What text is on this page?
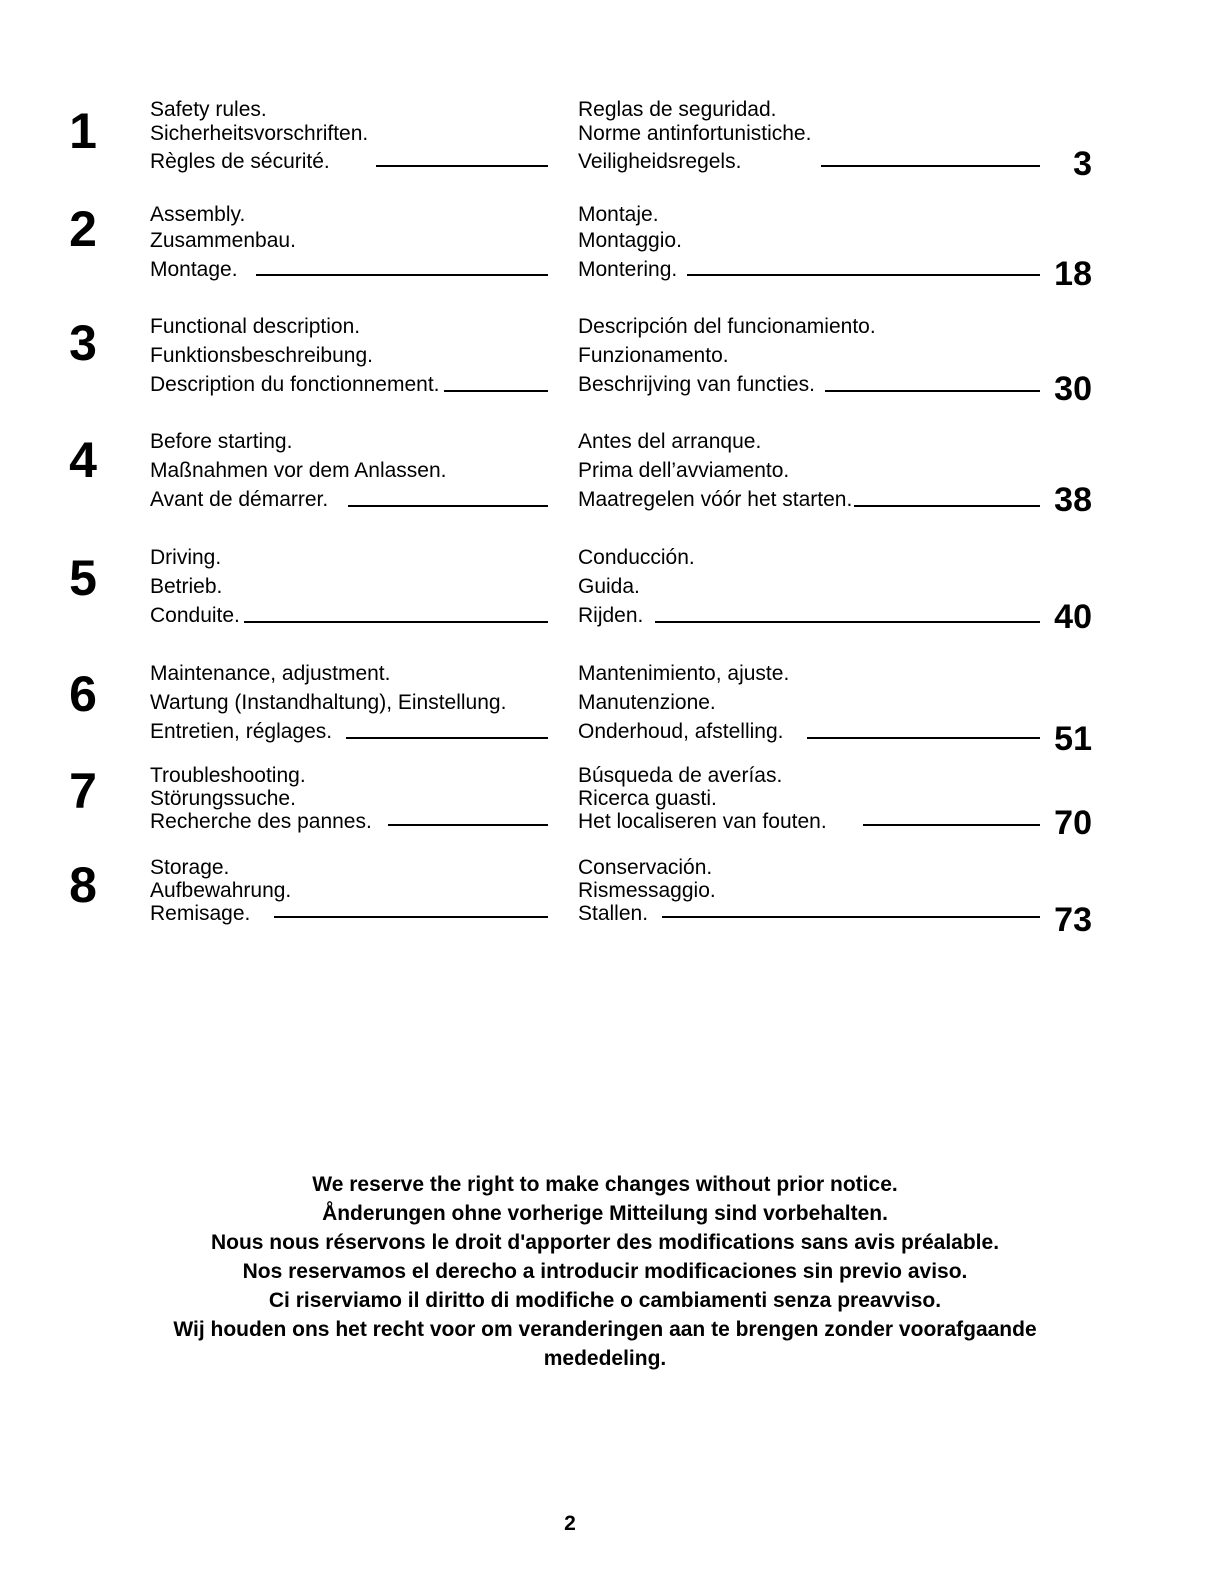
1	Safety rules.
Sicherheitsvorschriften.
Règles de sécurité.
Reglas de seguridad.
Norme antinfortunistiche.
Veiligheidsregels.	3
2	Assembly.
Zusammenbau.
Montage.
Montaje.
Montaggio.
Montering.	18
3	Functional description.
Funktionsbeschreibung.
Description du fonctionnement.
Descripción del funcionamiento.
Funzionamento.
Beschrijving van functies.	30
4	Before starting.
Maßnahmen vor dem Anlassen.
Avant de démarrer.
Antes del arranque.
Prima dell’avviamento.
Maatregelen vóór het starten.	38
5	Driving.
Betrieb.
Conduite.
Conducción.
Guida.
Rijden.	40
6	Maintenance, adjustment.
Wartung (Instandhaltung), Einstellung.
Entretien, réglages.
Mantenimiento, ajuste.
Manutenzione.
Onderhoud, afstelling.	51
7	Troubleshooting.
Störungssuche.
Recherche des pannes.
Búsqueda de averías.
Ricerca guasti.
Het localiseren van fouten.	70
8	Storage.
Aufbewahrung.
Remisage.
Conservación.
Rismessaggio.
Stallen.	73
We reserve the right to make changes without prior notice.
Ånderungen ohne vorherige Mitteilung sind vorbehalten.
Nous nous réservons le droit d'apporter des modifications sans avis préalable.
Nos reservamos el derecho a introducir modificaciones sin previo aviso.
Ci riserviamo il diritto di modifiche o cambiamenti senza preavviso.
Wij houden ons het recht voor om veranderingen aan te brengen zonder voorafgaande
mededeling.
2
